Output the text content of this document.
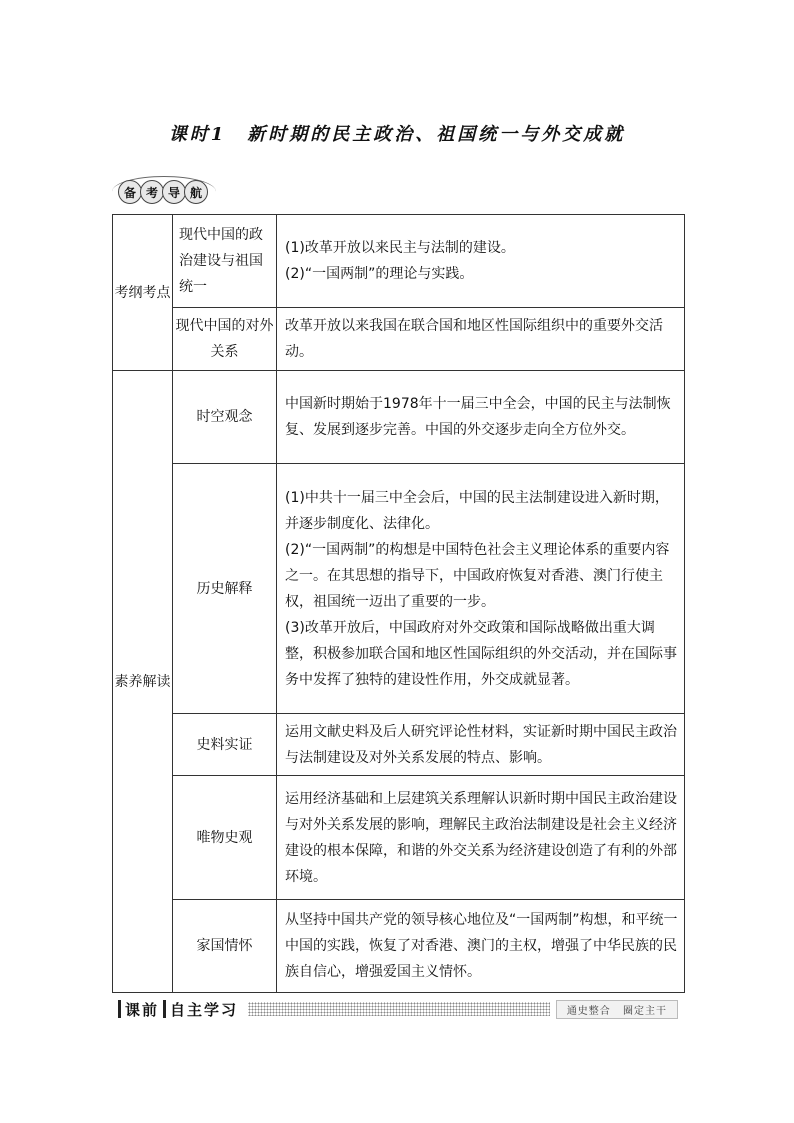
课时1　新时期的民主政治、祖国统一与外交成就
备 考 导 航
考纲考点	现代中国的政治建设与祖国统一	(1)改革开放以来民主与法制的建设。

(2)“一国两制”的理论与实践。

	现代中国的对外关系	改革开放以来我国在联合国和地区性国际组织中的重要外交活动。

素养解读	时空观念	中国新时期始于1978年十一届三中全会，中国的民主与法制恢复、发展到逐步完善。中国的外交逐步走向全方位外交。

	历史解释	(1)中共十一届三中全会后，中国的民主法制建设进入新时期，并逐步制度化、法律化。

(2)“一国两制”的构想是中国特色社会主义理论体系的重要内容之一。在其思想的指导下，中国政府恢复对香港、澳门行使主权，祖国统一迈出了重要的一步。

(3)改革开放后，中国政府对外交政策和国际战略做出重大调整，积极参加联合国和地区性国际组织的外交活动，并在国际事务中发挥了独特的建设性作用，外交成就显著。

	史料实证	运用文献史料及后人研究评论性材料，实证新时期中国民主政治与法制建设及对外关系发展的特点、影响。

	唯物史观	运用经济基础和上层建筑关系理解认识新时期中国民主政治建设与对外关系发展的影响，理解民主政治法制建设是社会主义经济建设的根本保障，和谐的外交关系为经济建设创造了有利的外部环境。

	家国情怀	从坚持中国共产党的领导核心地位及“一国两制”构想，和平统一中国的实践，恢复了对香港、澳门的主权，增强了中华民族的民族自信心，增强爱国主义情怀。

课前 自主学习	通史整合 圈定主干
